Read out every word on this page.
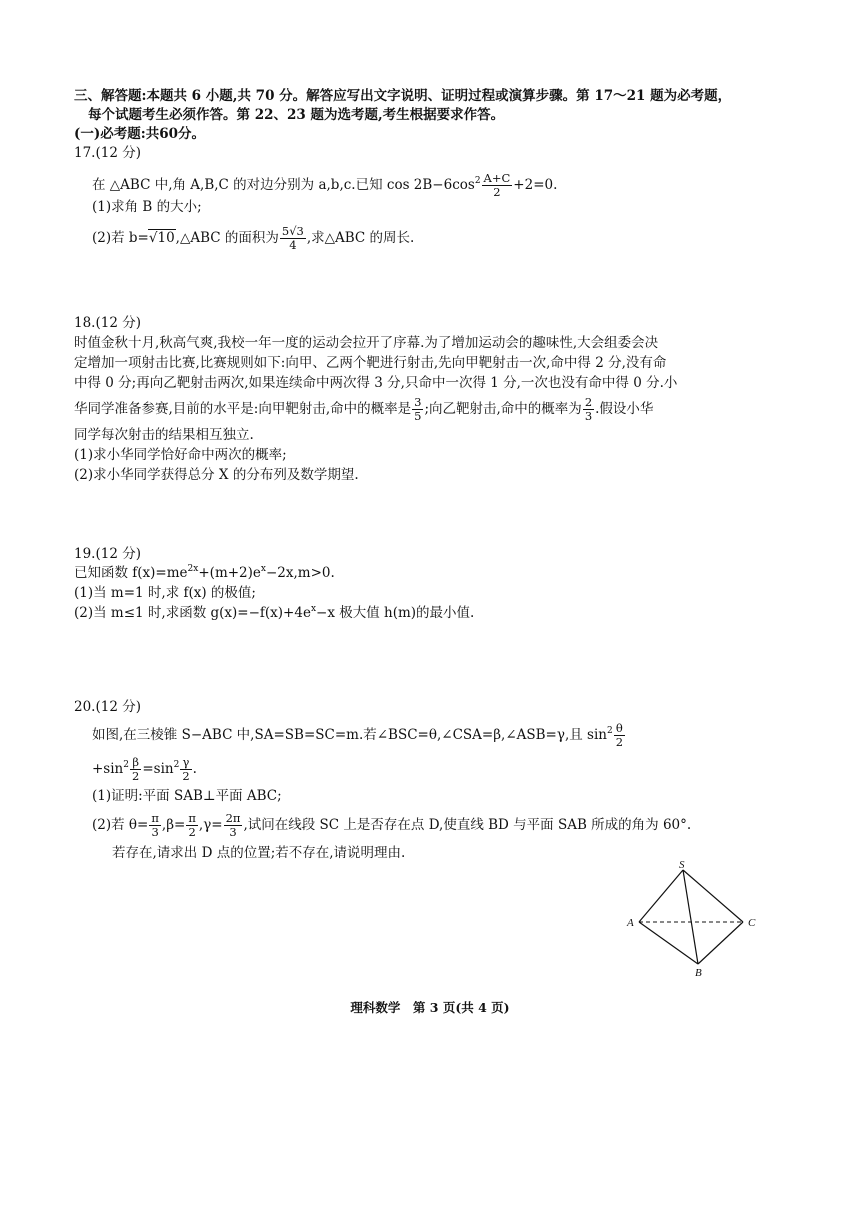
三、解答题:本题共 6 小题,共 70 分。解答应写出文字说明、证明过程或演算步骤。第 17～21 题为必考题，
每个试题考生必须作答。第 22、23 题为选考题,考生根据要求作答。
(一)必考题:共60分。
17.(12 分)
在 △ABC 中,角 A,B,C 的对边分别为 a,b,c.已知 $\cos 2B-6\cos^2 \frac{A+C}{2} +2=0$.
(1)求角 B 的大小;
(2)若 b=√10,△ABC 的面积为 $\frac{5√3}{4}$ ,求△ABC 的周长.
18.(12 分)
时值金秋十月,秋高气爽,我校一年一度的运动会拉开了序幕.为了增加运动会的趣味性,大会组委会决
定增加一项射击比赛,比赛规则如下:向甲、乙两个靶进行射击,先向甲靶射击一次,命中得 2 分,没有命
中得 0 分;再向乙靶射击两次,如果连续命中两次得 3 分,只命中一次得 1 分,一次也没有命中得 0 分.小
华同学准备参赛,目前的水平是:向甲靶射击,命中的概率是 $\frac{3}{5}$ ;向乙靶射击,命中的概率为 $\frac{2}{3}$ .假设小华
同学每次射击的结果相互独立.
(1)求小华同学恰好命中两次的概率;
(2)求小华同学获得总分 X 的分布列及数学期望.
19.(12 分)
已知函数 $f(x)=me^{2x}+(m+2)e^x-2x,m>0$.
(1)当 m=1 时,求 f(x) 的极值;
(2)当 m≤1 时,求函数 $g(x)=-f(x)+4e^x-x$ 极大值 h(m)的最小值.
20.(12 分)
如图,在三棱锥 S−ABC 中,SA=SB=SC=m.若∠BSC=θ,∠CSA=β,∠ASB=γ,且 $\sin^2 \frac{\theta}{2}$
$+\sin^2 \frac{\beta}{2} =\sin^2 \frac{\gamma}{2}$ .
(1)证明:平面 SAB⊥平面 ABC;
(2)若 $\theta= \frac{\pi}{3} ,\beta= \frac{\pi}{2} ,\gamma= \frac{2\pi}{3}$ ,试问在线段 SC 上是否存在点 D,使直线 BD 与平面 SAB 所成的角为 60°.
若存在,请求出 D 点的位置;若不存在,请说明理由.
S
A	C
B
理科数学　第 3 页(共 4 页)
